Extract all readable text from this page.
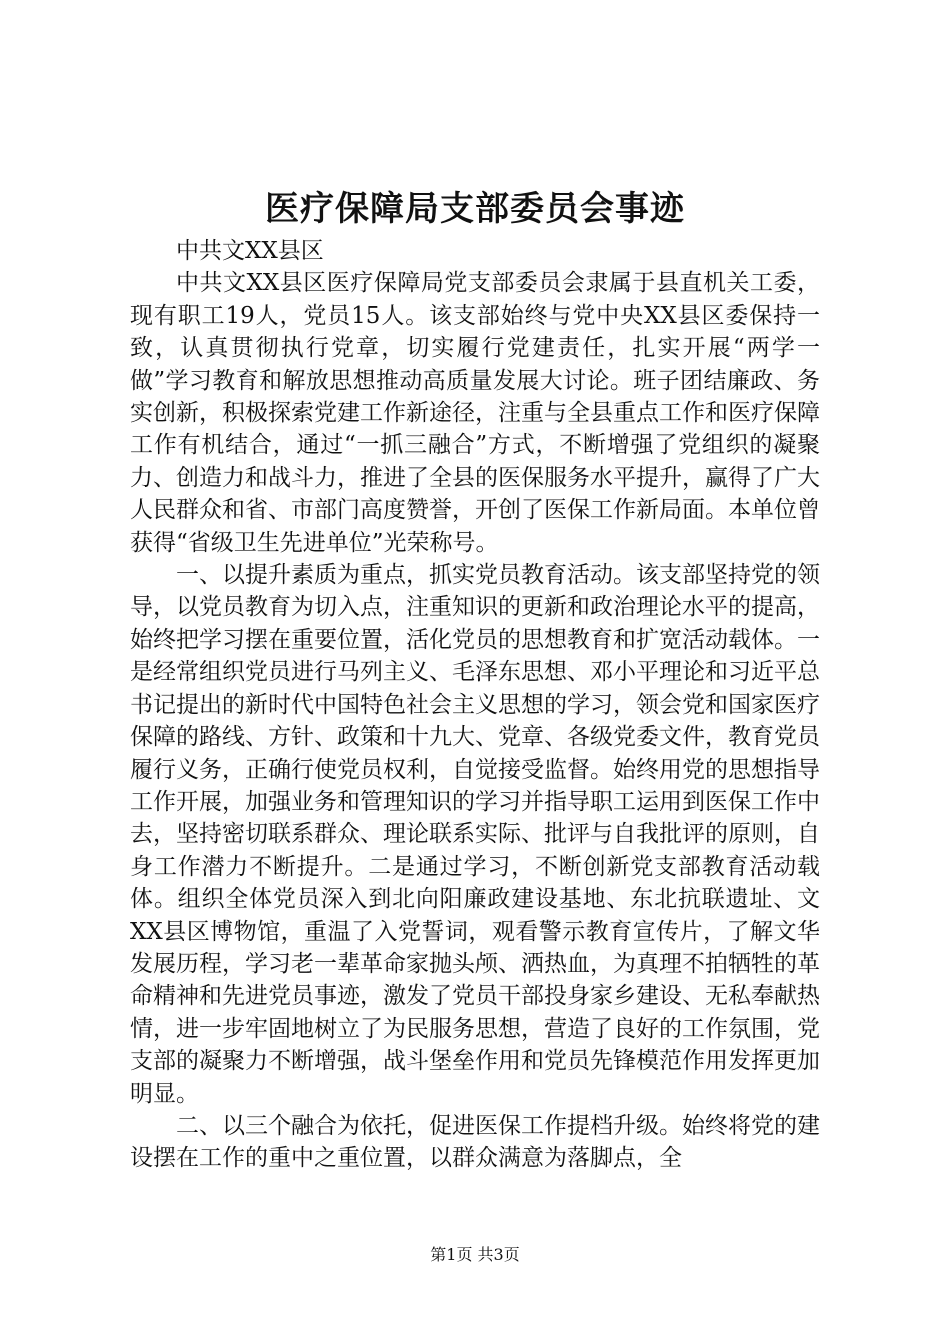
医疗保障局支部委员会事迹

中共文XX县区

中共文XX县区医疗保障局党支部委员会隶属于县直机关工委，现有职工19人，党员15人。该支部始终与党中央XX县区委保持一致，认真贯彻执行党章，切实履行党建责任，扎实开展“两学一做”学习教育和解放思想推动高质量发展大讨论。班子团结廉政、务实创新，积极探索党建工作新途径，注重与全县重点工作和医疗保障工作有机结合，通过“一抓三融合”方式，不断增强了党组织的凝聚力、创造力和战斗力，推进了全县的医保服务水平提升，赢得了广大人民群众和省、市部门高度赞誉，开创了医保工作新局面。本单位曾获得“省级卫生先进单位”光荣称号。

一、以提升素质为重点，抓实党员教育活动。该支部坚持党的领导，以党员教育为切入点，注重知识的更新和政治理论水平的提高，始终把学习摆在重要位置，活化党员的思想教育和扩宽活动载体。一是经常组织党员进行马列主义、毛泽东思想、邓小平理论和习近平总书记提出的新时代中国特色社会主义思想的学习，领会党和国家医疗保障的路线、方针、政策和十九大、党章、各级党委文件，教育党员履行义务，正确行使党员权利，自觉接受监督。始终用党的思想指导工作开展，加强业务和管理知识的学习并指导职工运用到医保工作中去，坚持密切联系群众、理论联系实际、批评与自我批评的原则，自身工作潜力不断提升。二是通过学习，不断创新党支部教育活动载体。组织全体党员深入到北向阳廉政建设基地、东北抗联遗址、文XX县区博物馆，重温了入党誓词，观看警示教育宣传片，了解文华发展历程，学习老一辈革命家抛头颅、洒热血，为真理不拍牺牲的革命精神和先进党员事迹，激发了党员干部投身家乡建设、无私奉献热情，进一步牢固地树立了为民服务思想，营造了良好的工作氛围，党支部的凝聚力不断增强，战斗堡垒作用和党员先锋模范作用发挥更加明显。

二、以三个融合为依托，促进医保工作提档升级。始终将党的建设摆在工作的重中之重位置，以群众满意为落脚点，全

第1页 共3页
